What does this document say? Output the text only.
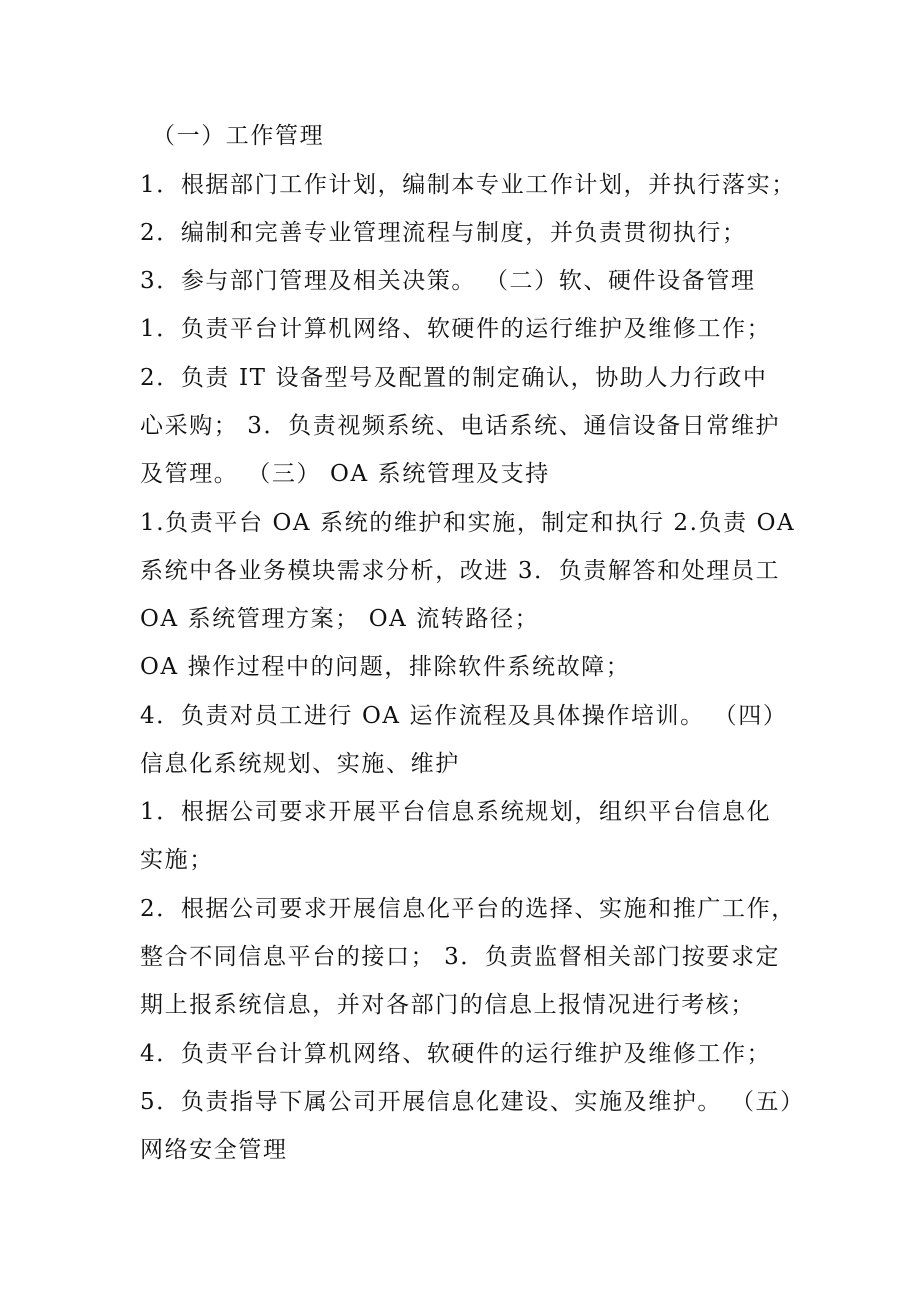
（一）工作管理
1．根据部门工作计划，编制本专业工作计划，并执行落实；
2．编制和完善专业管理流程与制度，并负责贯彻执行；
3．参与部门管理及相关决策。 （二）软、硬件设备管理
1．负责平台计算机网络、软硬件的运行维护及维修工作；
2．负责 IT 设备型号及配置的制定确认，协助人力行政中
心采购； 3．负责视频系统、电话系统、通信设备日常维护
及管理。 （三） OA 系统管理及支持
1.负责平台 OA 系统的维护和实施，制定和执行 2.负责 OA
系统中各业务模块需求分析，改进 3．负责解答和处理员工
OA 系统管理方案； OA 流转路径；
OA 操作过程中的问题，排除软件系统故障；
4．负责对员工进行 OA 运作流程及具体操作培训。 （四）
信息化系统规划、实施、维护
1．根据公司要求开展平台信息系统规划，组织平台信息化
实施；
2．根据公司要求开展信息化平台的选择、实施和推广工作，
整合不同信息平台的接口； 3．负责监督相关部门按要求定
期上报系统信息，并对各部门的信息上报情况进行考核；
4．负责平台计算机网络、软硬件的运行维护及维修工作；
5．负责指导下属公司开展信息化建设、实施及维护。 （五）
网络安全管理
